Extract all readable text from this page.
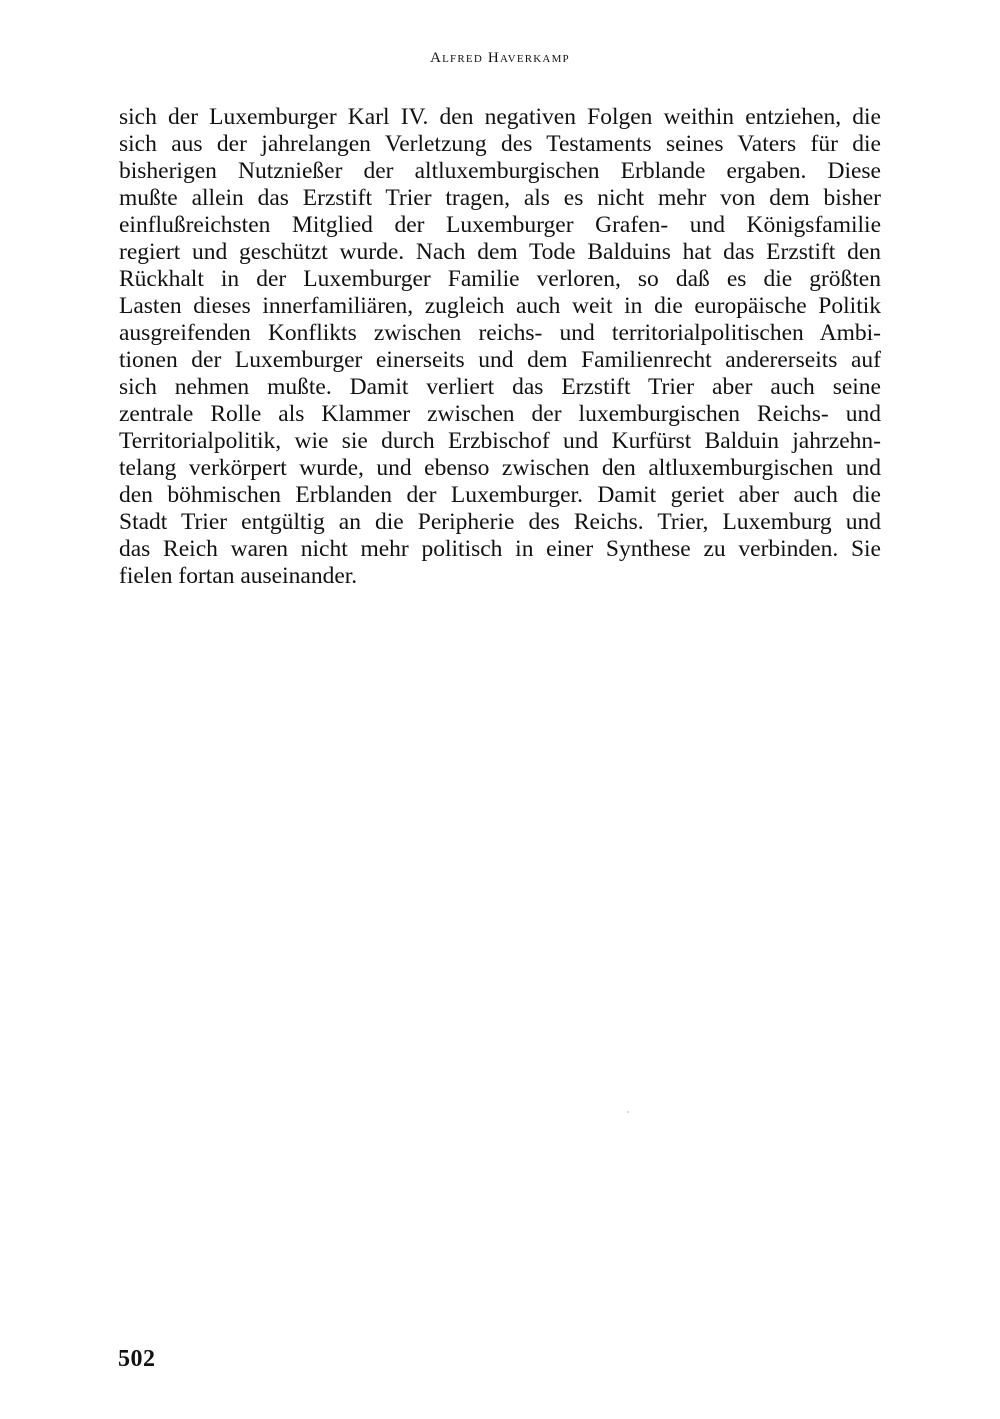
Alfred Haverkamp
sich der Luxemburger Karl IV. den negativen Folgen weithin entziehen, die
sich aus der jahrelangen Verletzung des Testaments seines Vaters für die
bisherigen Nutznießer der altluxemburgischen Erblande ergaben. Diese
mußte allein das Erzstift Trier tragen, als es nicht mehr von dem bisher
einflußreichsten Mitglied der Luxemburger Grafen- und Königsfamilie
regiert und geschützt wurde. Nach dem Tode Balduins hat das Erzstift den
Rückhalt in der Luxemburger Familie verloren, so daß es die größten
Lasten dieses innerfamiliären, zugleich auch weit in die europäische Politik
ausgreifenden Konflikts zwischen reichs- und territorialpolitischen Ambi-
tionen der Luxemburger einerseits und dem Familienrecht andererseits auf
sich nehmen mußte. Damit verliert das Erzstift Trier aber auch seine
zentrale Rolle als Klammer zwischen der luxemburgischen Reichs- und
Territorialpolitik, wie sie durch Erzbischof und Kurfürst Balduin jahrzehn-
telang verkörpert wurde, und ebenso zwischen den altluxemburgischen und
den böhmischen Erblanden der Luxemburger. Damit geriet aber auch die
Stadt Trier entgültig an die Peripherie des Reichs. Trier, Luxemburg und
das Reich waren nicht mehr politisch in einer Synthese zu verbinden. Sie
fielen fortan auseinander.
502
